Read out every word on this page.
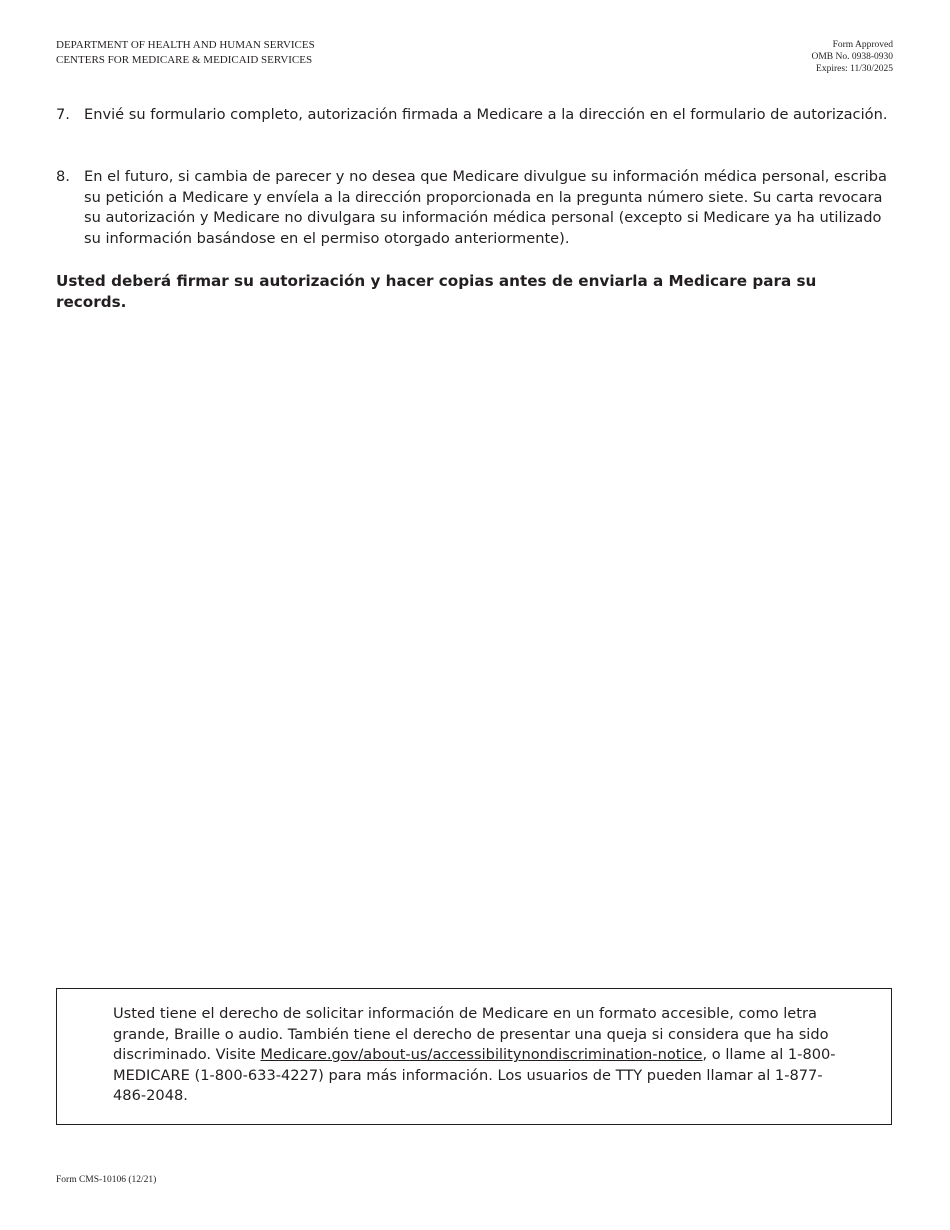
DEPARTMENT OF HEALTH AND HUMAN SERVICES
CENTERS FOR MEDICARE & MEDICAID SERVICES
Form Approved
OMB No. 0938-0930
Expires: 11/30/2025
7. Envié su formulario completo, autorización firmada a Medicare a la dirección en el formulario de autorización.
8. En el futuro, si cambia de parecer y no desea que Medicare divulgue su información médica personal, escriba su petición a Medicare y envíela a la dirección proporcionada en la pregunta número siete. Su carta revocara su autorización y Medicare no divulgara su información médica personal (excepto si Medicare ya ha utilizado su información basándose en el permiso otorgado anteriormente).
Usted deberá firmar su autorización y hacer copias antes de enviarla a Medicare para su records.
Usted tiene el derecho de solicitar información de Medicare en un formato accesible, como letra grande, Braille o audio. También tiene el derecho de presentar una queja si considera que ha sido discriminado. Visite Medicare.gov/about-us/accessibilitynondiscrimination-notice, o llame al 1-800-MEDICARE (1-800-633-4227) para más información. Los usuarios de TTY pueden llamar al 1-877-486-2048.
Form CMS-10106 (12/21)
